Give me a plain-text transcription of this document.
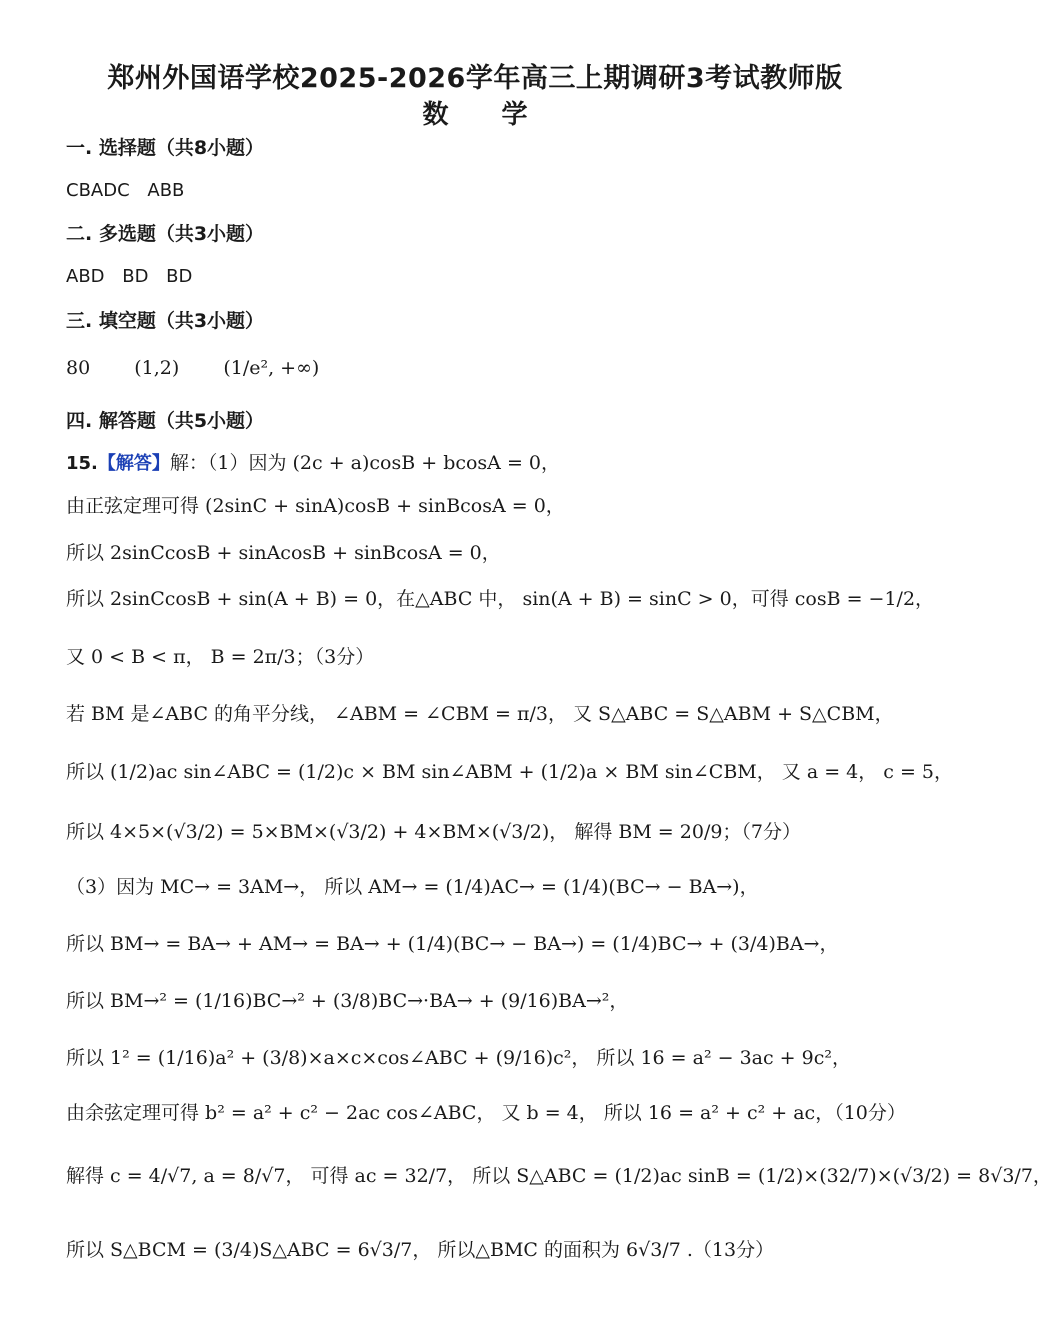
郑州外国语学校2025-2026学年高三上期调研3考试教师版
数 学
一. 选择题（共8小题）
CBADC ABB
二. 多选题（共3小题）
ABD BD BD
三. 填空题（共3小题）
80 (1,2) (1/e², +∞)
四. 解答题（共5小题）
15.【解答】解：（1）因为 (2c + a)cosB + bcosA = 0，
由正弦定理可得 (2sinC + sinA)cosB + sinBcosA = 0，
所以 2sinCcosB + sinAcosB + sinBcosA = 0，
所以 2sinCcosB + sin(A + B) = 0，在△ABC 中， sin(A + B) = sinC > 0，可得 cosB = −1/2，
又 0 < B < π， B = 2π/3；（3分）
若 BM 是∠ABC 的角平分线， ∠ABM = ∠CBM = π/3， 又 S△ABC = S△ABM + S△CBM，
所以 (1/2)ac sin∠ABC = (1/2)c × BM sin∠ABM + (1/2)a × BM sin∠CBM， 又 a = 4， c = 5，
所以 4×5×(√3/2) = 5×BM×(√3/2) + 4×BM×(√3/2)， 解得 BM = 20/9；（7分）
（3）因为 MC→ = 3AM→， 所以 AM→ = (1/4)AC→ = (1/4)(BC→ − BA→)，
所以 BM→ = BA→ + AM→ = BA→ + (1/4)(BC→ − BA→) = (1/4)BC→ + (3/4)BA→，
所以 BM→² = (1/16)BC→² + (3/8)BC→·BA→ + (9/16)BA→²，
所以 1² = (1/16)a² + (3/8)×a×c×cos∠ABC + (9/16)c²， 所以 16 = a² − 3ac + 9c²，
由余弦定理可得 b² = a² + c² − 2ac cos∠ABC， 又 b = 4， 所以 16 = a² + c² + ac，（10分）
解得 c = 4/√7, a = 8/√7， 可得 ac = 32/7， 所以 S△ABC = (1/2)ac sinB = (1/2)×(32/7)×(√3/2) = 8√3/7，
所以 S△BCM = (3/4)S△ABC = 6√3/7， 所以△BMC 的面积为 6√3/7 .（13分）
